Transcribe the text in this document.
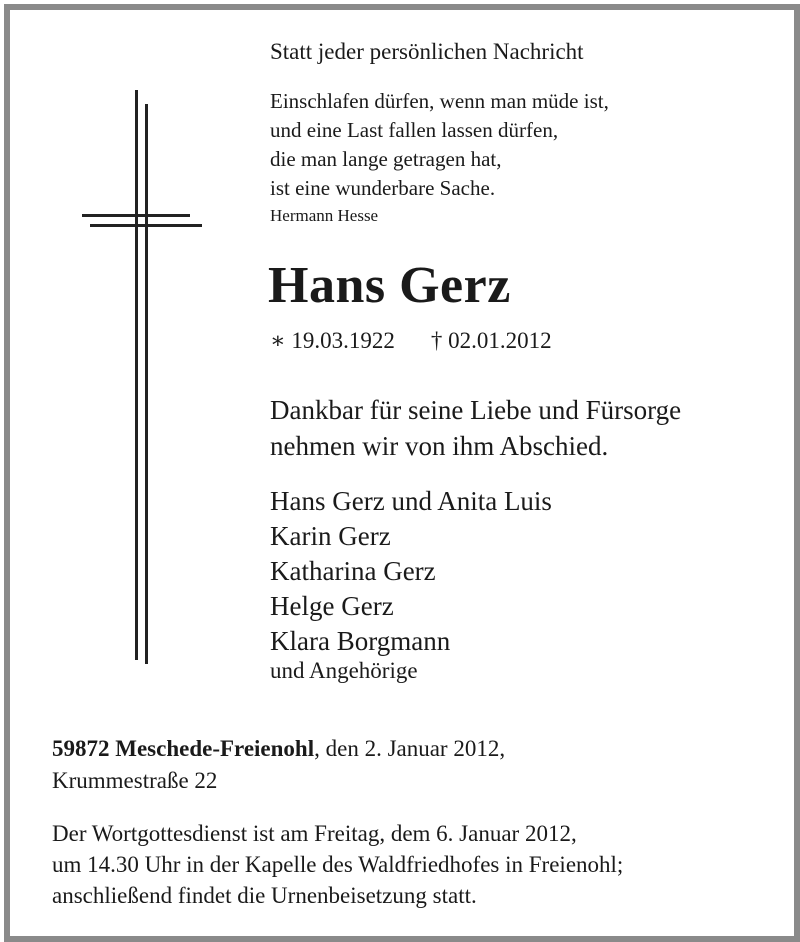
Statt jeder persönlichen Nachricht
Einschlafen dürfen, wenn man müde ist,
und eine Last fallen lassen dürfen,
die man lange getragen hat,
ist eine wunderbare Sache.
Hermann Hesse
Hans Gerz
∗ 19.03.1922 † 02.01.2012
Dankbar für seine Liebe und Fürsorge
nehmen wir von ihm Abschied.
Hans Gerz und Anita Luis
Karin Gerz
Katharina Gerz
Helge Gerz
Klara Borgmann
und Angehörige
59872 Meschede-Freienohl, den 2. Januar 2012,
Krummestraße 22
Der Wortgottesdienst ist am Freitag, dem 6. Januar 2012,
um 14.30 Uhr in der Kapelle des Waldfriedhofes in Freienohl;
anschließend findet die Urnenbeisetzung statt.
